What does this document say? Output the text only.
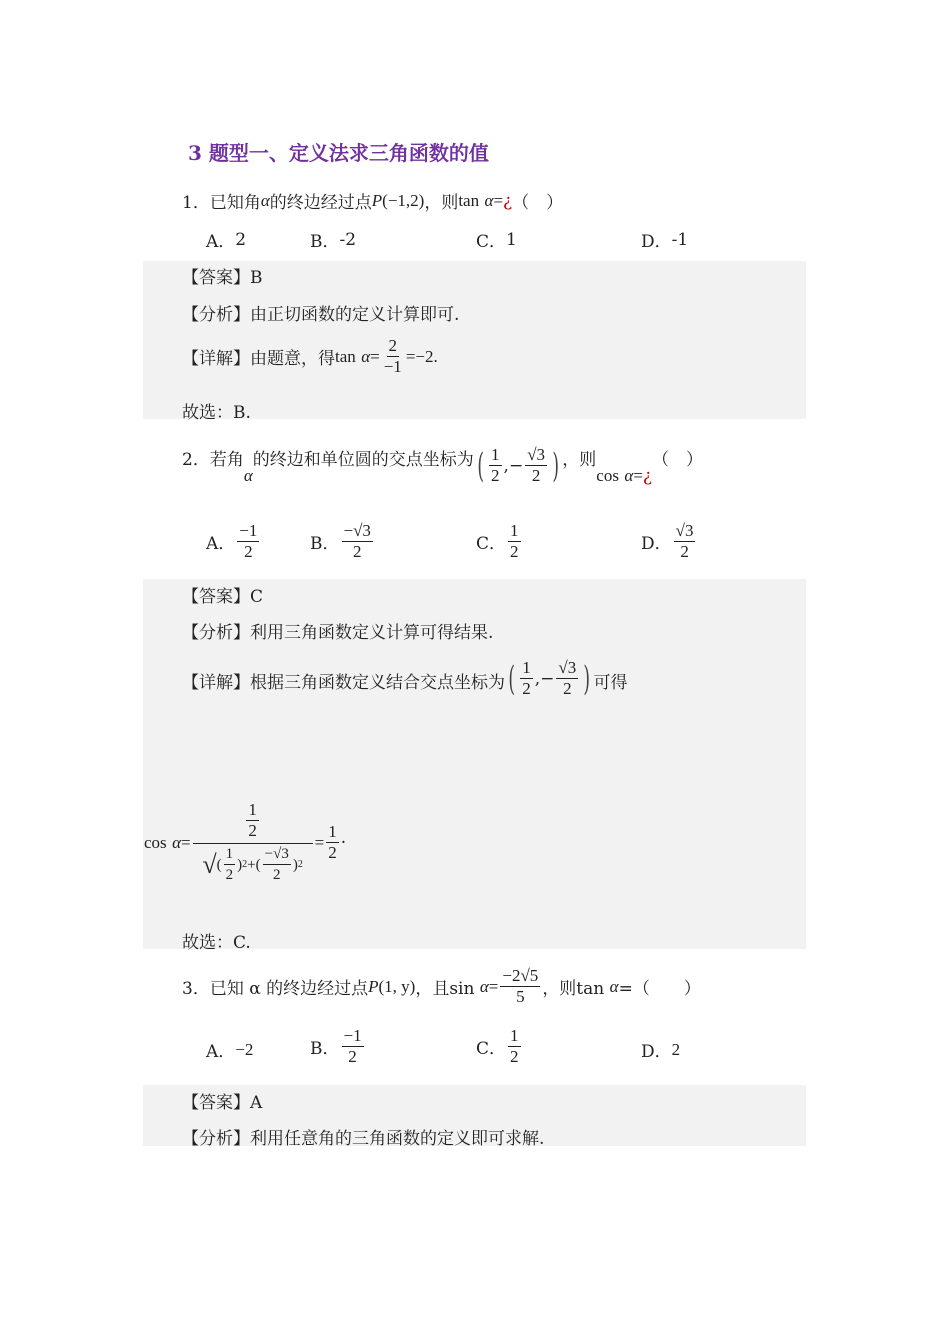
3 题型一、定义法求三角函数的值
1．已知角 α 的终边经过点 P (−1,2) ，则 tan
α = ¿ （　）
A． 2	B． -2	C． 1	D． -1
【答案】B
【分析】由正切函数的定义计算即可.
【详解】由题意，得 tan
$\alpha = \frac{2}{-1} =-2$.
故选：B.
2．若角
α
的终边和单位圆的交点坐标为 ( $\frac{1}{2}$ , − $\frac{√3}{2}$ ) ，则
cos
α = ¿
（　）
A． $\frac{-1}{2}$	B． $\frac{-√3}{2}$	C． $\frac{1}{2}$	D． $\frac{√3}{2}$
【答案】C
【分析】利用三角函数定义计算可得结果.
【详解】根据三角函数定义结合交点坐标为 ( $\frac{1}{2}$ , − $\frac{√3}{2}$ ) 可得
cos
$\alpha = \frac{\frac{1}{2}}{√ ( \frac{1}{2} ) 2 + ( \frac{-√3}{2} ) 2} = \frac{1}{2}$ ·
故选：C.
3．已知 α 的终边经过点 P (1, y) ，且sin
$\alpha = \frac{-2√5}{5}$ ，则tan
α =（　　）
A． −2	B． $\frac{-1}{2}$	C． $\frac{1}{2}$	D． 2
【答案】A
【分析】利用任意角的三角函数的定义即可求解.
